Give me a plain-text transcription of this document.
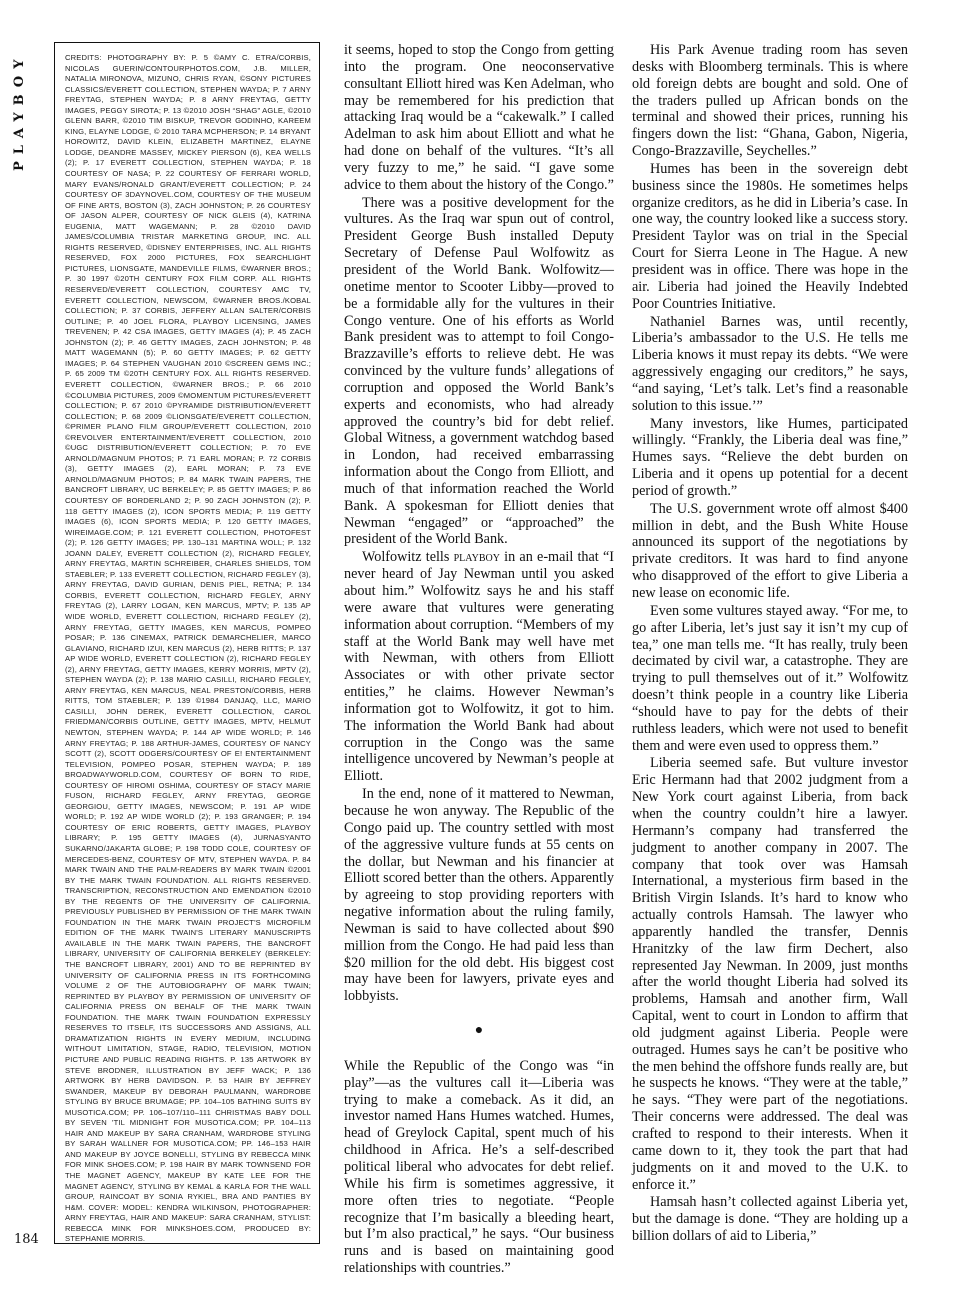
PLAYBOY
184

CREDITS: PHOTOGRAPHY BY: P. 5 ©AMY C. ETRA/CORBIS, NICOLAS GUERIN/CONTOURPHOTOS.COM, J.B. MILLER, NATALIA MIRONOVA, MIZUNO, CHRIS RYAN, ©SONY PICTURES CLASSICS/EVERETT COLLECTION, STEPHEN WAYDA; P. 7 ARNY FREYTAG, STEPHEN WAYDA; P. 8 ARNY FREYTAG, GETTY IMAGES, PEGGY SIROTA; P. 13 ©2010 JOSH “SHAG” AGLE, ©2010 GLENN BARR, ©2010 TIM BISKUP, TREVOR GODINHO, KAREEM KING, ELAYNE LODGE, © 2010 TARA MCPHERSON; P. 14 BRYANT HOROWITZ, DAVID KLEIN, ELIZABETH MARTINEZ, ELAYNE LODGE, DEANDRE MASSEY, MICKEY PIERSON (6), KEA WELLS (2); P. 17 EVERETT COLLECTION, STEPHEN WAYDA; P. 18 COURTESY OF NASA; P. 22 COURTESY OF FERRARI WORLD, MARY EVANS/RONALD GRANT/EVERETT COLLECTION; P. 24 COURTESY OF 3DAYNOVEL.COM, COURTESY OF THE MUSEUM OF FINE ARTS, BOSTON (3), ZACH JOHNSTON; P. 26 COURTESY OF JASON ALPER, COURTESY OF NICK GLEIS (4), KATRINA EUGENIA, MATT WAGEMANN; P. 28 ©2010 DAVID JAMES/COLUMBIA TRISTAR MARKETING GROUP, INC. ALL RIGHTS RESERVED, ©DISNEY ENTERPRISES, INC. ALL RIGHTS RESERVED, FOX 2000 PICTURES, FOX SEARCHLIGHT PICTURES, LIONSGATE, MANDEVILLE FILMS, ©WARNER BROS.; P. 30 1997 ©20TH CENTURY FOX FILM CORP. ALL RIGHTS RESERVED/EVERETT COLLECTION, COURTESY AMC TV, EVERETT COLLECTION, NEWSCOM, ©WARNER BROS./KOBAL COLLECTION; P. 37 CORBIS, JEFFERY ALLAN SALTER/CORBIS OUTLINE; P. 40 JOEL FLORA, PLAYBOY LICENSING, JAMES TREVENEN; P. 42 CSA IMAGES, GETTY IMAGES (4); P. 45 ZACH JOHNSTON (2); P. 46 GETTY IMAGES, ZACH JOHNSTON; P. 48 MATT WAGEMANN (5); P. 60 GETTY IMAGES; P. 62 GETTY IMAGES; P. 64 STEPHEN VAUGHAN 2010 ©SCREEN GEMS INC.; P. 65 2009 TM ©20TH CENTURY FOX. ALL RIGHTS RESERVED. EVERETT COLLECTION, ©WARNER BROS.; P. 66 2010 ©COLUMBIA PICTURES, 2009 ©MOMENTUM PICTURES/EVERETT COLLECTION; P. 67 2010 ©PYRAMIDE DISTRIBUTION/EVERETT COLLECTION; P. 68 2009 ©LIONSGATE/EVERETT COLLECTION, ©PRIMER PLANO FILM GROUP/EVERETT COLLECTION, 2010 ©REVOLVER ENTERTAINMENT/EVERETT COLLECTION, 2010 ©UGC DISTRIBUTION/EVERETT COLLECTION; P. 70 EVE ARNOLD/MAGNUM PHOTOS; P. 71 EARL MORAN; P. 72 CORBIS (3), GETTY IMAGES (2), EARL MORAN; P. 73 EVE ARNOLD/MAGNUM PHOTOS; P. 84 MARK TWAIN PAPERS, THE BANCROFT LIBRARY, UC BERKELEY; P. 85 GETTY IMAGES; P. 86 COURTESY OF BORDERLAND 2; P. 90 ZACH JOHNSTON (2); P. 118 GETTY IMAGES (2), ICON SPORTS MEDIA; P. 119 GETTY IMAGES (6), ICON SPORTS MEDIA; P. 120 GETTY IMAGES, WIREIMAGE.COM; P. 121 EVERETT COLLECTION, PHOTOFEST (2); P. 126 GETTY IMAGES; PP. 130–131 MARTINA WOLL; P. 132 JOANN DALEY, EVERETT COLLECTION (2), RICHARD FEGLEY, ARNY FREYTAG, MARTIN SCHREIBER, CHARLES SHIELDS, TOM STAEBLER; P. 133 EVERETT COLLECTION, RICHARD FEGLEY (3), ARNY FREYTAG, DAVID GURIAN, DENIS PIEL, RETNA; P. 134 CORBIS, EVERETT COLLECTION, RICHARD FEGLEY, ARNY FREYTAG (2), LARRY LOGAN, KEN MARCUS, MPTV; P. 135 AP WIDE WORLD, EVERETT COLLECTION, RICHARD FEGLEY (2), ARNY FREYTAG, GETTY IMAGES, KEN MARCUS, POMPEO POSAR; P. 136 CINEMAX, PATRICK DEMARCHELIER, MARCO GLAVIANO, RICHARD IZUI, KEN MARCUS (2), HERB RITTS; P. 137 AP WIDE WORLD, EVERETT COLLECTION (2), RICHARD FEGLEY (2), ARNY FREYTAG, GETTY IMAGES, KERRY MORRIS, MPTV (2), STEPHEN WAYDA (2); P. 138 MARIO CASILLI, RICHARD FEGLEY, ARNY FREYTAG, KEN MARCUS, NEAL PRESTON/CORBIS, HERB RITTS, TOM STAEBLER; P. 139 ©1984 DANJAQ, LLC, MARIO CASILLI, JOHN DEREK, EVERETT COLLECTION, CAROL FRIEDMAN/CORBIS OUTLINE, GETTY IMAGES, MPTV, HELMUT NEWTON, STEPHEN WAYDA; P. 144 AP WIDE WORLD; P. 146 ARNY FREYTAG; P. 188 ARTHUR-JAMES, COURTESY OF NANCY SCOTT (2), SCOTT ODGERS/COURTESY OF E! ENTERTAINMENT TELEVISION, POMPEO POSAR, STEPHEN WAYDA; P. 189 BROADWAYWORLD.COM, COURTESY OF BORN TO RIDE, COURTESY OF HIROMI OSHIMA, COURTESY OF STACY MARIE FUSON, RICHARD FEGLEY, ARNY FREYTAG, GEORGE GEORGIOU, GETTY IMAGES, NEWSCOM; P. 191 AP WIDE WORLD; P. 192 AP WIDE WORLD (2); P. 193 GRANGER; P. 194 COURTESY OF ERIC ROBERTS, GETTY IMAGES, PLAYBOY LIBRARY; P. 195 GETTY IMAGES (4), JURNASYANTO SUKARNO/JAKARTA GLOBE; P. 198 TODD COLE, COURTESY OF MERCEDES-BENZ, COURTESY OF MTV, STEPHEN WAYDA. P. 84 MARK TWAIN AND THE PALM-READERS BY MARK TWAIN ©2001 BY THE MARK TWAIN FOUNDATION. ALL RIGHTS RESERVED. TRANSCRIPTION, RECONSTRUCTION AND EMENDATION ©2010 BY THE REGENTS OF THE UNIVERSITY OF CALIFORNIA. PREVIOUSLY PUBLISHED BY PERMISSION OF THE MARK TWAIN FOUNDATION IN THE MARK TWAIN PROJECT'S MICROFILM EDITION OF THE MARK TWAIN'S LITERARY MANUSCRIPTS AVAILABLE IN THE MARK TWAIN PAPERS, THE BANCROFT LIBRARY, UNIVERSITY OF CALIFORNIA BERKELEY (BERKELEY: THE BANCROFT LIBRARY, 2001) AND TO BE REPRINTED BY UNIVERSITY OF CALIFORNIA PRESS IN ITS FORTHCOMING VOLUME 2 OF THE AUTOBIOGRAPHY OF MARK TWAIN; REPRINTED BY PLAYBOY BY PERMISSION OF UNIVERSITY OF CALIFORNIA PRESS ON BEHALF OF THE MARK TWAIN FOUNDATION. THE MARK TWAIN FOUNDATION EXPRESSLY RESERVES TO ITSELF, ITS SUCCESSORS AND ASSIGNS, ALL DRAMATIZATION RIGHTS IN EVERY MEDIUM, INCLUDING WITHOUT LIMITATION, STAGE, RADIO, TELEVISION, MOTION PICTURE AND PUBLIC READING RIGHTS. P. 135 ARTWORK BY STEVE BRODNER, ILLUSTRATION BY JEFF WACK; P. 136 ARTWORK BY HERB DAVIDSON. P. 53 HAIR BY JEFFREY SWANDER, MAKEUP BY DEBORAH PAULMANN, WARDROBE STYLING BY BRUCE BRUMAGE; PP. 104–105 BATHING SUITS BY MUSOTICA.COM; PP. 106–107/110–111 CHRISTMAS BABY DOLL BY SEVEN 'TIL MIDNIGHT FOR MUSOTICA.COM; PP. 104–113 HAIR AND MAKEUP BY SARA CRANHAM, WARDROBE STYLING BY SARAH WALLNER FOR MUSOTICA.COM; PP. 146–153 HAIR AND MAKEUP BY JOYCE BONELLI, STYLING BY REBECCA MINK FOR MINK SHOES.COM; P. 198 HAIR BY MARK TOWNSEND FOR THE MAGNET AGENCY, MAKEUP BY KATE LEE FOR THE MAGNET AGENCY, STYLING BY KEMAL & KARLA FOR THE WALL GROUP, RAINCOAT BY SONIA RYKIEL, BRA AND PANTIES BY H&M. COVER: MODEL: KENDRA WILKINSON, PHOTOGRAPHER: ARNY FREYTAG, HAIR AND MAKEUP: SARA CRANHAM, STYLIST: REBECCA MINK FOR MINKSHOES.COM, PRODUCED BY: STEPHANIE MORRIS.

it seems, hoped to stop the Congo from getting into the program. One neoconservative consultant Elliott hired was Ken Adelman, who may be remembered for his prediction that attacking Iraq would be a “cakewalk.” I called Adelman to ask him about Elliott and what he had done on behalf of the vultures. “It’s all very fuzzy to me,” he said. “I gave some advice to them about the history of the Congo.”

There was a positive development for the vultures. As the Iraq war spun out of control, President George Bush installed Deputy Secretary of Defense Paul Wolfowitz as president of the World Bank. Wolfowitz—onetime mentor to Scooter Libby—proved to be a formidable ally for the vultures in their Congo venture. One of his efforts as World Bank president was to attempt to foil Congo-Brazzaville’s efforts to relieve debt. He was convinced by the vulture funds’ allegations of corruption and opposed the World Bank’s experts and economists, who had already approved the country’s bid for debt relief. Global Witness, a government watchdog based in London, had received embarrassing information about the Congo from Elliott, and much of that information reached the World Bank. A spokesman for Elliott denies that Newman “engaged” or “approached” the president of the World Bank.

Wolfowitz tells playboy in an e-mail that “I never heard of Jay Newman until you asked about him.” Wolfowitz says he and his staff were aware that vultures were generating information about corruption. “Members of my staff at the World Bank may well have met with Newman, with others from Elliott Associates or with other private sector entities,” he claims. However Newman’s information got to Wolfowitz, it got to him. The information the World Bank had about corruption in the Congo was the same intelligence uncovered by Newman’s people at Elliott.

In the end, none of it mattered to Newman, because he won anyway. The Republic of the Congo paid up. The country settled with most of the aggressive vulture funds at 55 cents on the dollar, but Newman and his financier at Elliott scored better than the others. Apparently by agreeing to stop providing reporters with negative information about the ruling family, Newman is said to have collected about $90 million from the Congo. He had paid less than $20 million for the old debt. His biggest cost may have been for lawyers, private eyes and lobbyists.

●

While the Republic of the Congo was “in play”—as the vultures call it—Liberia was trying to make a comeback. As it did, an investor named Hans Humes watched. Humes, head of Greylock Capital, spent much of his childhood in Africa. He’s a self-described political liberal who advocates for debt relief. While his firm is sometimes aggressive, it more often tries to negotiate. “People recognize that I’m basically a bleeding heart, but I’m also practical,” he says. “Our business runs and is based on maintaining good relationships with countries.”

His Park Avenue trading room has seven desks with Bloomberg terminals. This is where old foreign debts are bought and sold. One of the traders pulled up African bonds on the terminal and showed their prices, running his fingers down the list: “Ghana, Gabon, Nigeria, Congo-Brazzaville, Seychelles.”

Humes has been in the sovereign debt business since the 1980s. He sometimes helps organize creditors, as he did in Liberia’s case. In one way, the country looked like a success story. President Taylor was on trial in the Special Court for Sierra Leone in The Hague. A new president was in office. There was hope in the air. Liberia had joined the Heavily Indebted Poor Countries Initiative.

Nathaniel Barnes was, until recently, Liberia’s ambassador to the U.S. He tells me Liberia knows it must repay its debts. “We were aggressively engaging our creditors,” he says, “and saying, ‘Let’s talk. Let’s find a reasonable solution to this issue.’”

Many investors, like Humes, participated willingly. “Frankly, the Liberia deal was fine,” Humes says. “Relieve the debt burden on Liberia and it opens up potential for a decent period of growth.”

The U.S. government wrote off almost $400 million in debt, and the Bush White House announced its support of the negotiations by private creditors. It was hard to find anyone who disapproved of the effort to give Liberia a new lease on economic life.

Even some vultures stayed away. “For me, to go after Liberia, let’s just say it isn’t my cup of tea,” one man tells me. “It has really, truly been decimated by civil war, a catastrophe. They are trying to pull themselves out of it.” Wolfowitz doesn’t think people in a country like Liberia “should have to pay for the debts of their ruthless leaders, which were not used to benefit them and were even used to oppress them.”

Liberia seemed safe. But vulture investor Eric Hermann had that 2002 judgment from a New York court against Liberia, from back when the country couldn’t hire a lawyer. Hermann’s company had transferred the judgment to another company in 2007. The company that took over was Hamsah International, a mysterious firm based in the British Virgin Islands. It’s hard to know who actually controls Hamsah. The lawyer who apparently handled the transfer, Dennis Hranitzky of the law firm Dechert, also represented Jay Newman. In 2009, just months after the world thought Liberia had solved its problems, Hamsah and another firm, Wall Capital, went to court in London to affirm that old judgment against Liberia. People were outraged. Humes says he can’t be positive who the men behind the offshore funds really are, but he suspects he knows. “They were at the table,” he says. “They were part of the negotiations. Their concerns were addressed. The deal was crafted to respond to their interests. When it came down to it, they took the part that had judgments on it and moved to the U.K. to enforce it.”

Hamsah hasn’t collected against Liberia yet, but the damage is done. “They are holding up a billion dollars of aid to Liberia,”
